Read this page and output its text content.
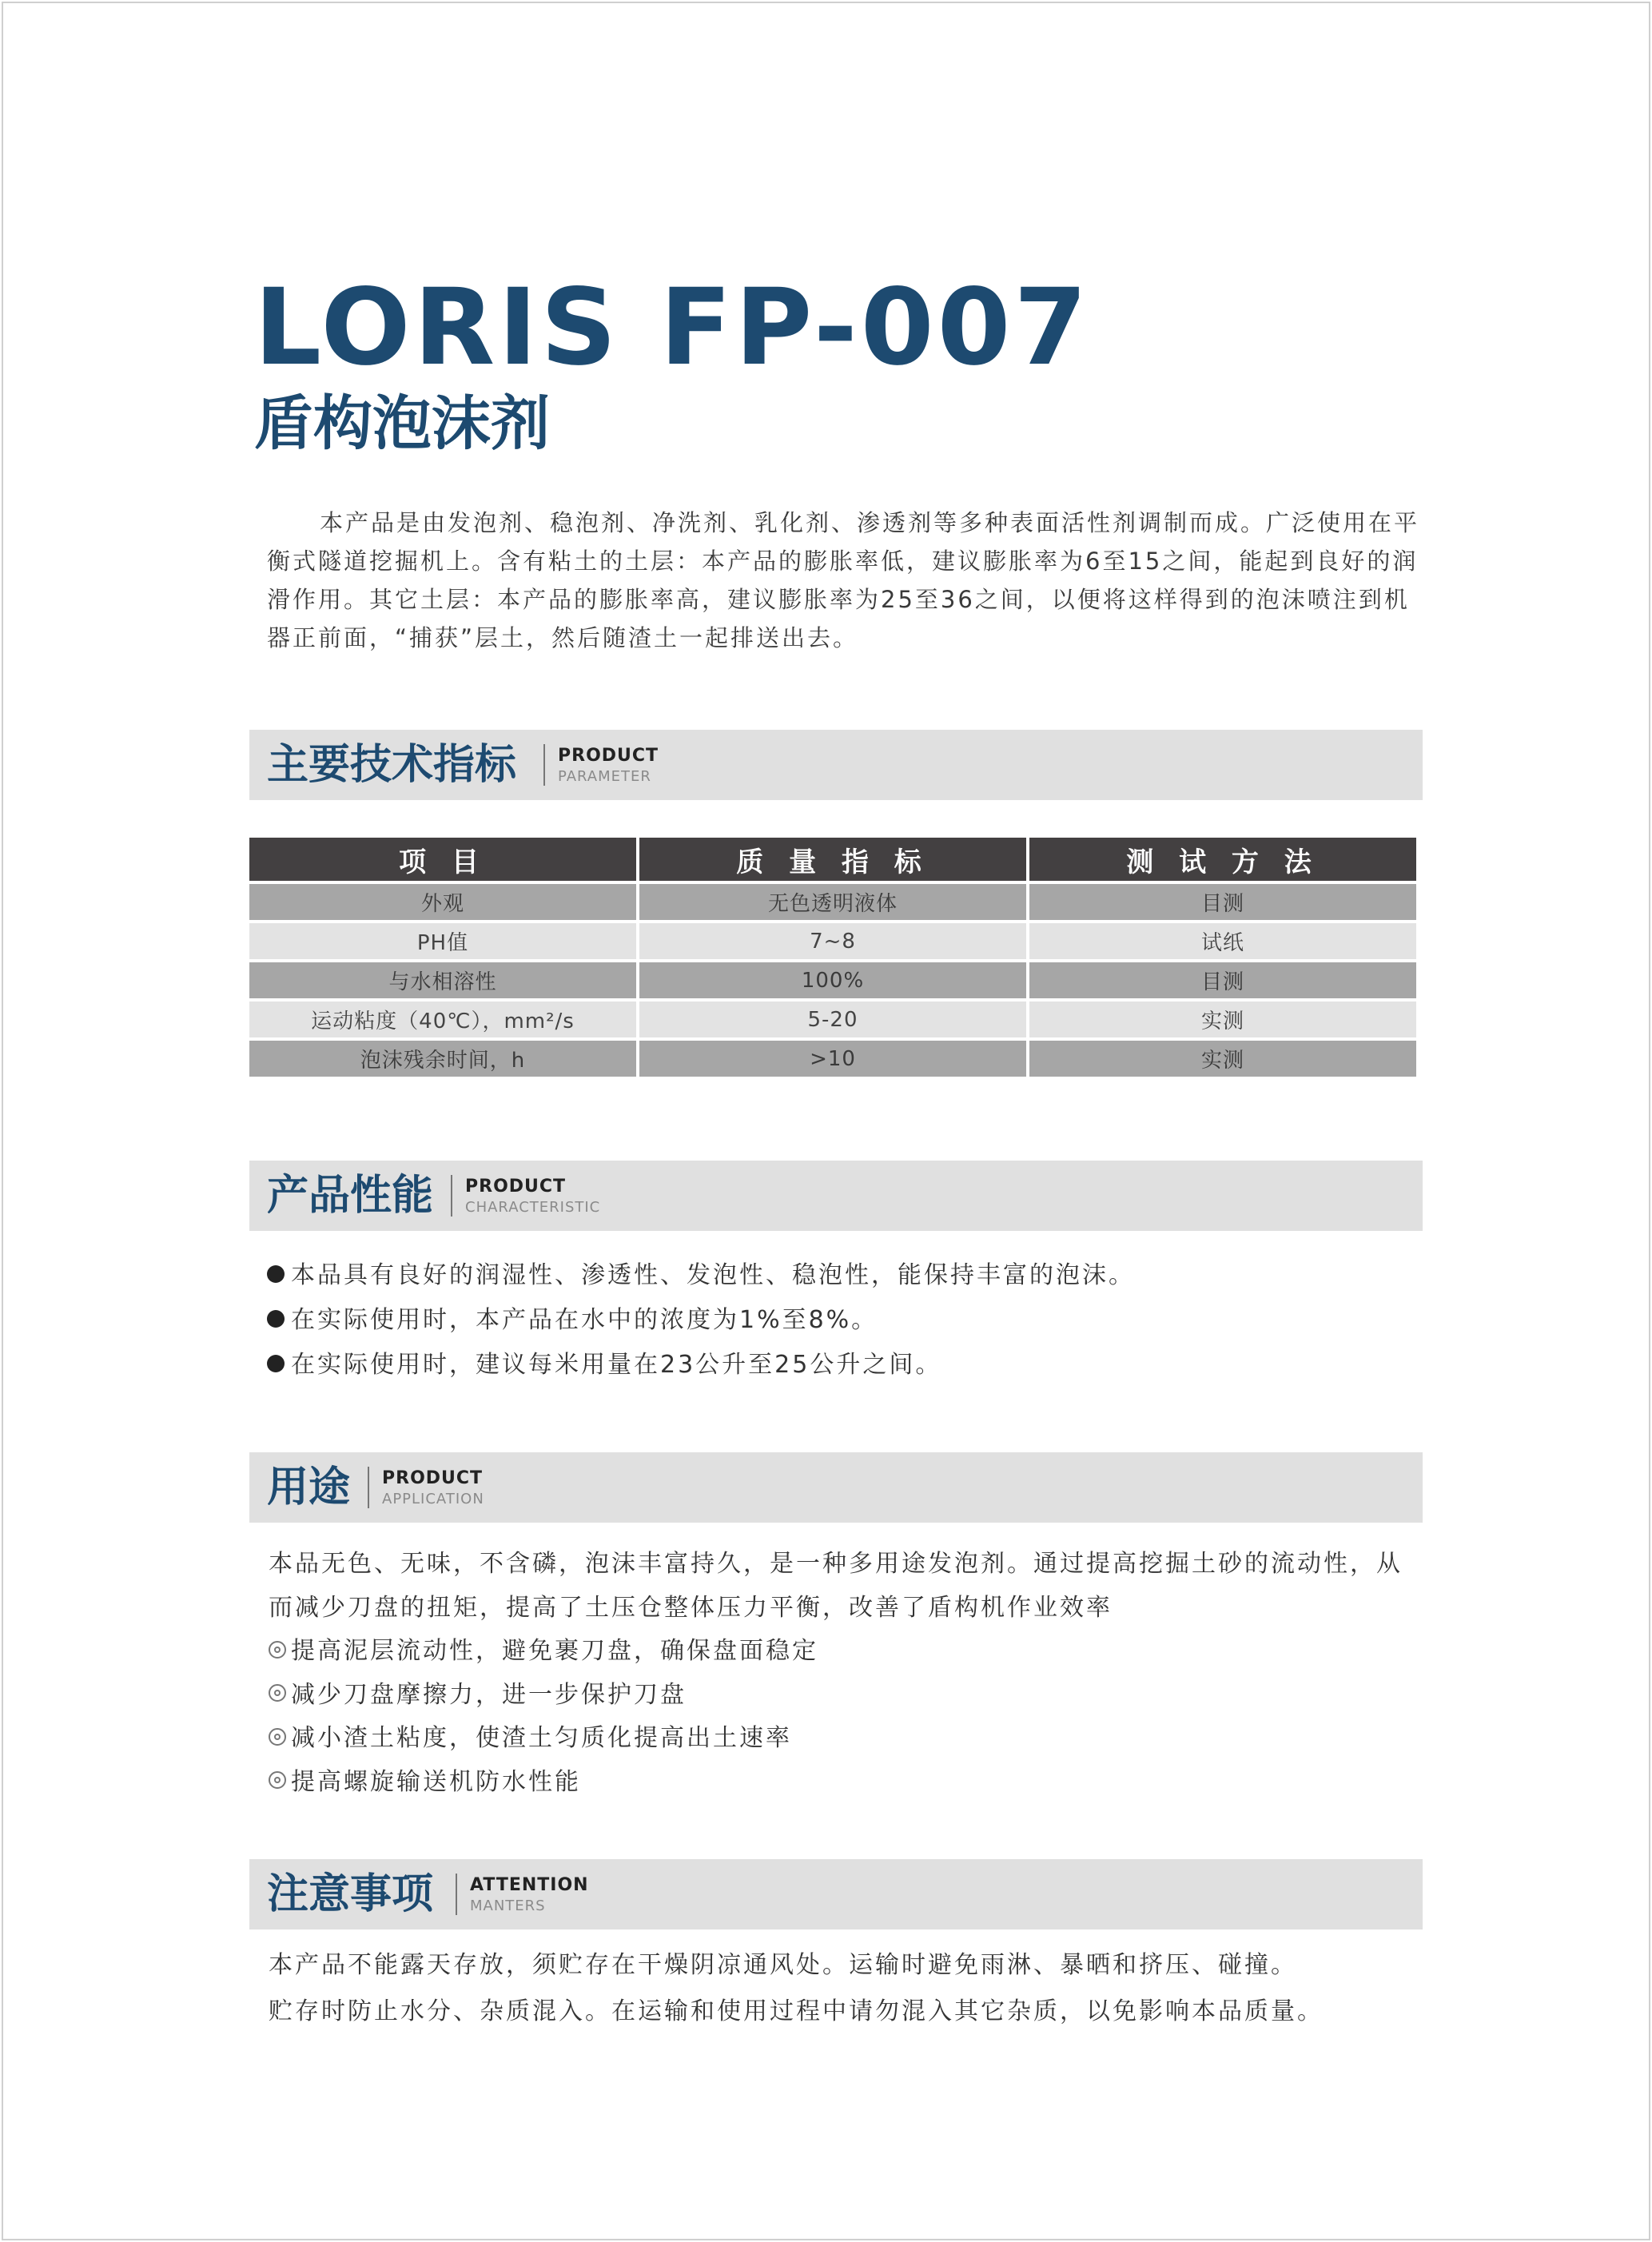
LORIS FP-007
盾构泡沫剂

本产品是由发泡剂、稳泡剂、净洗剂、乳化剂、渗透剂等多种表面活性剂调制而成。广泛使用在平衡式隧道挖掘机上。含有粘土的土层：本产品的膨胀率低，建议膨胀率为6至15之间，能起到良好的润滑作用。其它土层：本产品的膨胀率高，建议膨胀率为25至36之间，以便将这样得到的泡沫喷注到机器正前面，“捕获”层土，然后随渣土一起排送出去。

主要技术指标 PRODUCT
PARAMETER
项 目	质 量 指 标	测 试 方 法
外观	无色透明液体	目测
PH值	7~8	试纸
与水相溶性	100%	目测
运动粘度（40℃），mm²/s	5-20	实测
泡沫残余时间，h	>10	实测
产品性能 PRODUCT
CHARACTERISTIC
本品具有良好的润湿性、渗透性、发泡性、稳泡性，能保持丰富的泡沫。
在实际使用时，本产品在水中的浓度为1%至8%。
在实际使用时，建议每米用量在23公升至25公升之间。
用途 PRODUCT
APPLICATION
本品无色、无味，不含磷，泡沫丰富持久，是一种多用途发泡剂。通过提高挖掘土砂的流动性，从
而减少刀盘的扭矩，提高了土压仓整体压力平衡，改善了盾构机作业效率
提高泥层流动性，避免裹刀盘，确保盘面稳定
减少刀盘摩擦力，进一步保护刀盘
减小渣土粘度，使渣土匀质化提高出土速率
提高螺旋输送机防水性能
注意事项 ATTENTION
MANTERS
本产品不能露天存放，须贮存在干燥阴凉通风处。运输时避免雨淋、暴晒和挤压、碰撞。
贮存时防止水分、杂质混入。在运输和使用过程中请勿混入其它杂质，以免影响本品质量。
